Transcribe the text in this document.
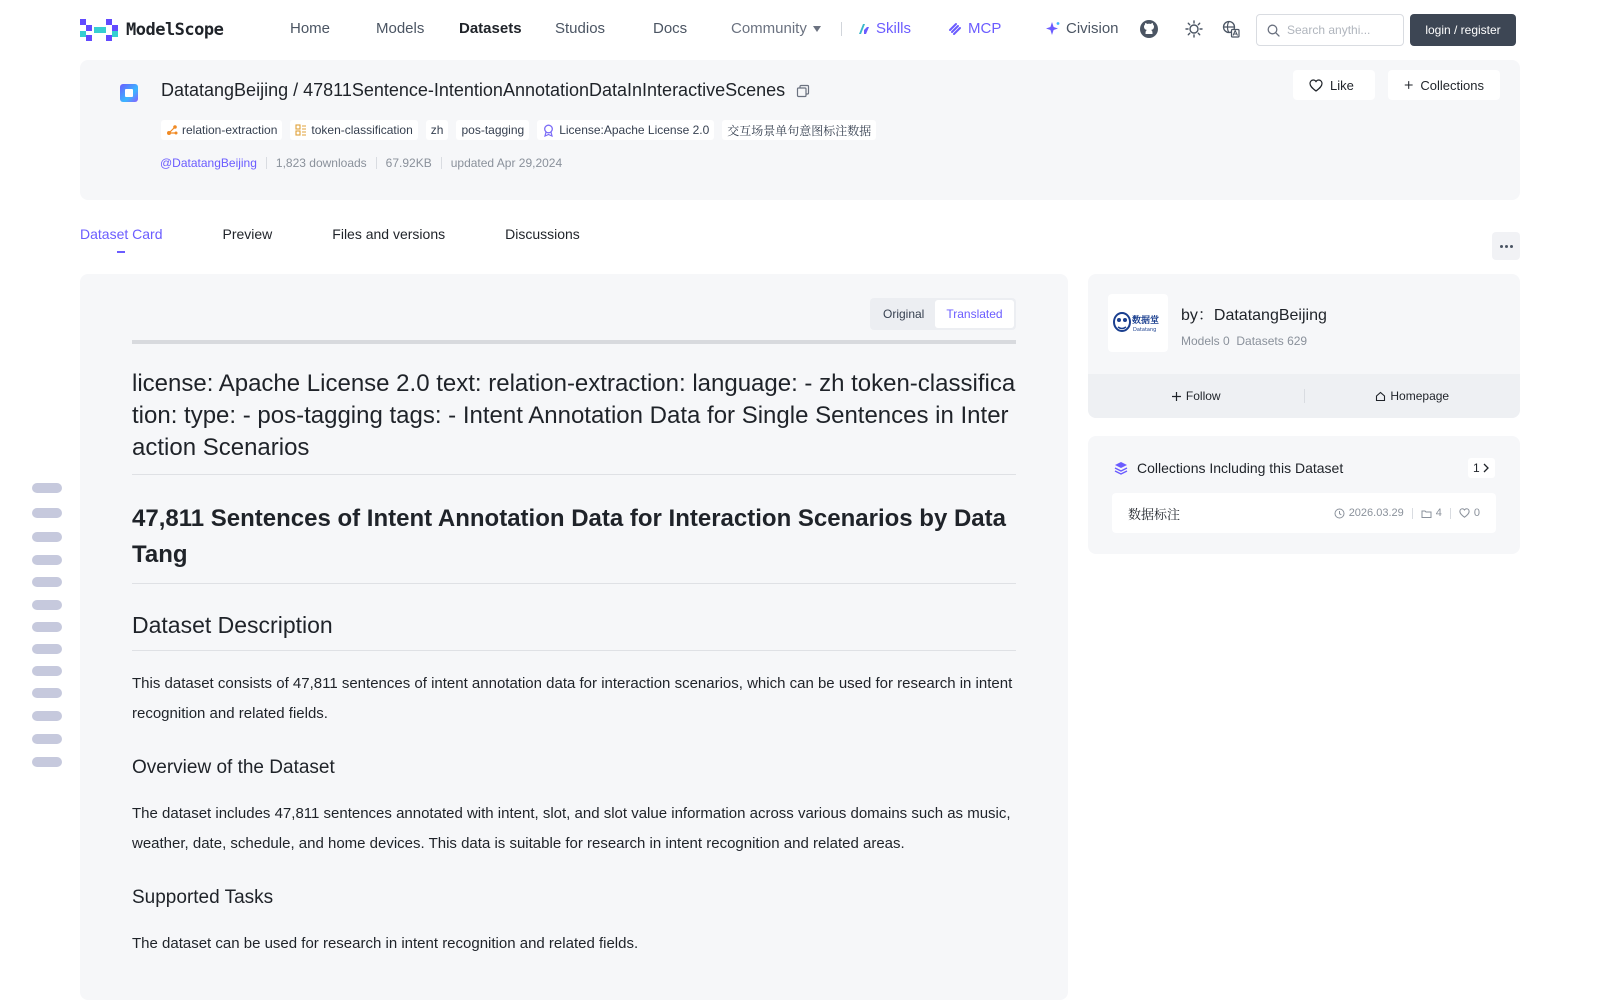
ModelScope	Home	Models Datasets Studios	Docs	Community	Skills	MCP	Civision
Search anythi...	login / register
DatatangBeijing / 47811Sentence-IntentionAnnotationDataInInteractiveScenes
relation-extraction	token-classification zh pos-tagging	License:Apache License 2.0 交互场景单句意图标注数据
@DatatangBeijing 1,823 downloads 67.92KB updated Apr 29,2024
Like	Collections
Dataset Card	Preview	Files and versions	Discussions
Original	Translated
license: Apache License 2.0 text: relation-extraction: language: - zh token-classification: type: - pos-tagging tags: - Intent Annotation Data for Single Sentences in Interaction Scenarios
47,811 Sentences of Intent Annotation Data for Interaction Scenarios by Data Tang
Dataset Description
This dataset consists of 47,811 sentences of intent annotation data for interaction scenarios, which can be used for research in intent recognition and related fields.
Overview of the Dataset
The dataset includes 47,811 sentences annotated with intent, slot, and slot value information across various domains such as music, weather, date, schedule, and home devices. This data is suitable for research in intent recognition and related areas.
Supported Tasks
The dataset can be used for research in intent recognition and related fields.
数据堂
Datatang
by：DatatangBeijing
Models 0 Datasets 629
Follow	Homepage
Collections Including this Dataset	1
数据标注	2026.03.29	4	0
